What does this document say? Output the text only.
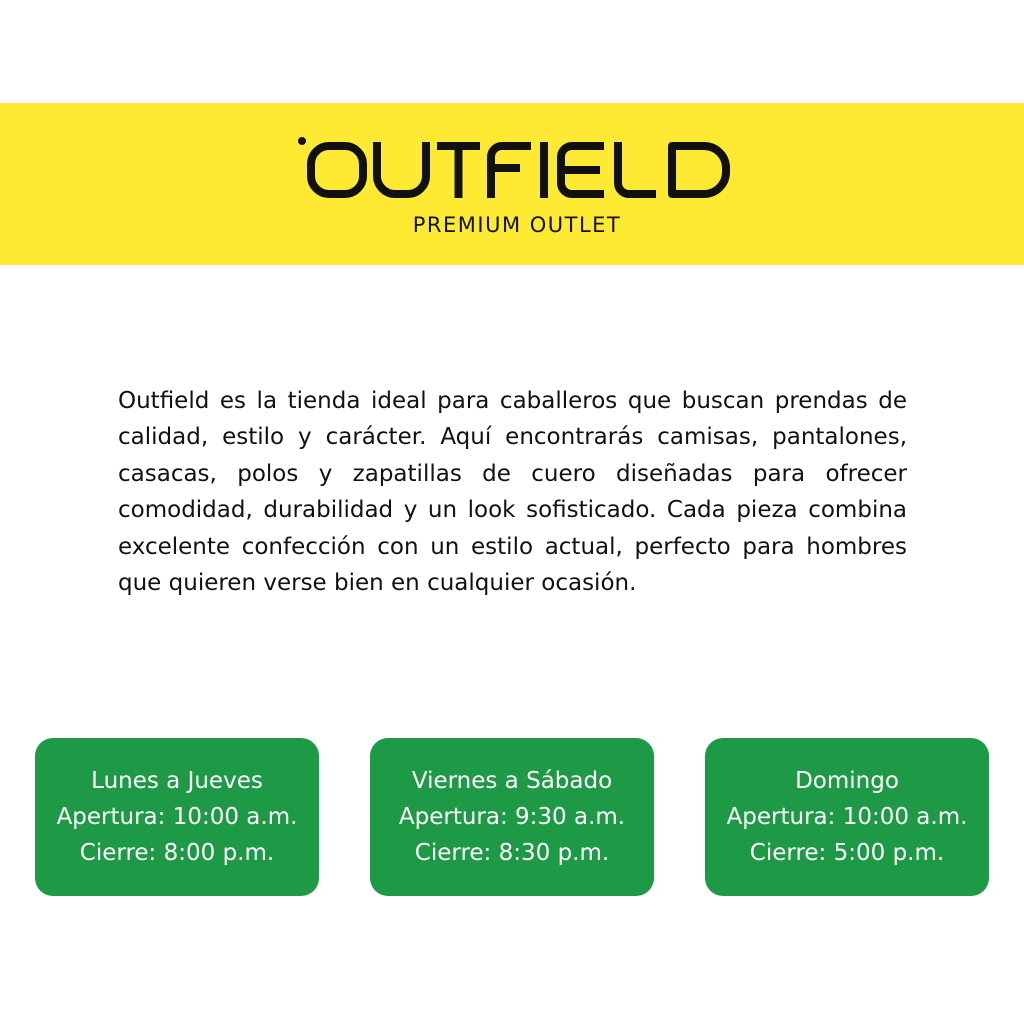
PREMIUM OUTLET

Outfield es la tienda ideal para caballeros que buscan prendas de calidad, estilo y carácter. Aquí encontrarás camisas, pantalones, casacas, polos y zapatillas de cuero diseñadas para ofrecer comodidad, durabilidad y un look sofisticado. Cada pieza combina excelente confección con un estilo actual, perfecto para hombres que quieren verse bien en cualquier ocasión.

Lunes a Jueves
Apertura: 10:00 a.m.
Cierre: 8:00 p.m.
Viernes a Sábado
Apertura: 9:30 a.m.
Cierre: 8:30 p.m.
Domingo
Apertura: 10:00 a.m.
Cierre: 5:00 p.m.
